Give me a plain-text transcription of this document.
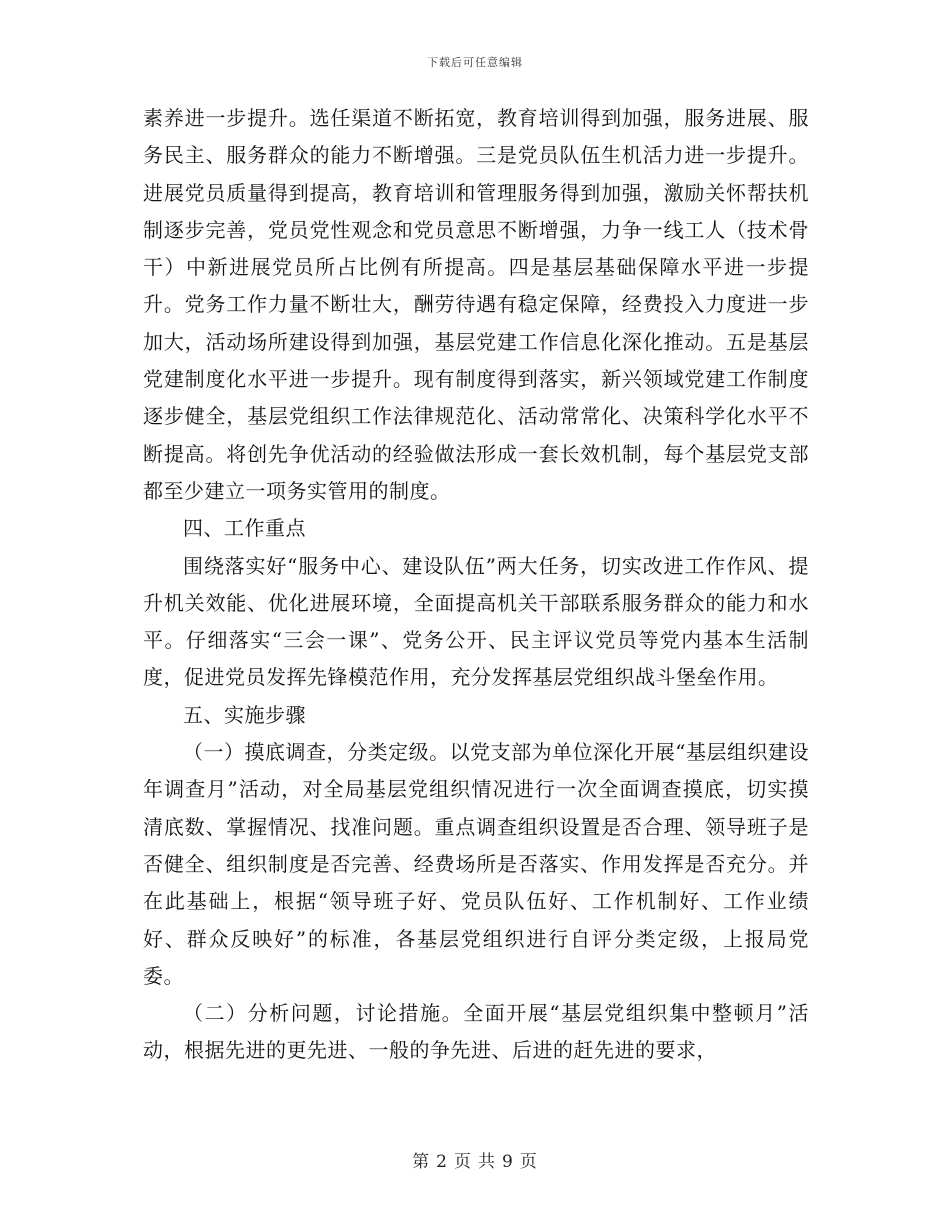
下载后可任意编辑

素养进一步提升。选任渠道不断拓宽，教育培训得到加强，服务进展、服务民主、服务群众的能力不断增强。三是党员队伍生机活力进一步提升。进展党员质量得到提高，教育培训和管理服务得到加强，激励关怀帮扶机制逐步完善，党员党性观念和党员意思不断增强，力争一线工人（技术骨干）中新进展党员所占比例有所提高。四是基层基础保障水平进一步提升。党务工作力量不断壮大，酬劳待遇有稳定保障，经费投入力度进一步加大，活动场所建设得到加强，基层党建工作信息化深化推动。五是基层党建制度化水平进一步提升。现有制度得到落实，新兴领域党建工作制度逐步健全，基层党组织工作法律规范化、活动常常化、决策科学化水平不断提高。将创先争优活动的经验做法形成一套长效机制，每个基层党支部都至少建立一项务实管用的制度。

四、工作重点

围绕落实好“服务中心、建设队伍”两大任务，切实改进工作作风、提升机关效能、优化进展环境，全面提高机关干部联系服务群众的能力和水平。仔细落实“三会一课”、党务公开、民主评议党员等党内基本生活制度，促进党员发挥先锋模范作用，充分发挥基层党组织战斗堡垒作用。

五、实施步骤

（一）摸底调查，分类定级。以党支部为单位深化开展“基层组织建设年调查月”活动，对全局基层党组织情况进行一次全面调查摸底，切实摸清底数、掌握情况、找准问题。重点调查组织设置是否合理、领导班子是否健全、组织制度是否完善、经费场所是否落实、作用发挥是否充分。并在此基础上，根据“领导班子好、党员队伍好、工作机制好、工作业绩好、群众反映好”的标准，各基层党组织进行自评分类定级，上报局党委。

（二）分析问题，讨论措施。全面开展“基层党组织集中整顿月”活动，根据先进的更先进、一般的争先进、后进的赶先进的要求，

第 2 页 共 9 页
